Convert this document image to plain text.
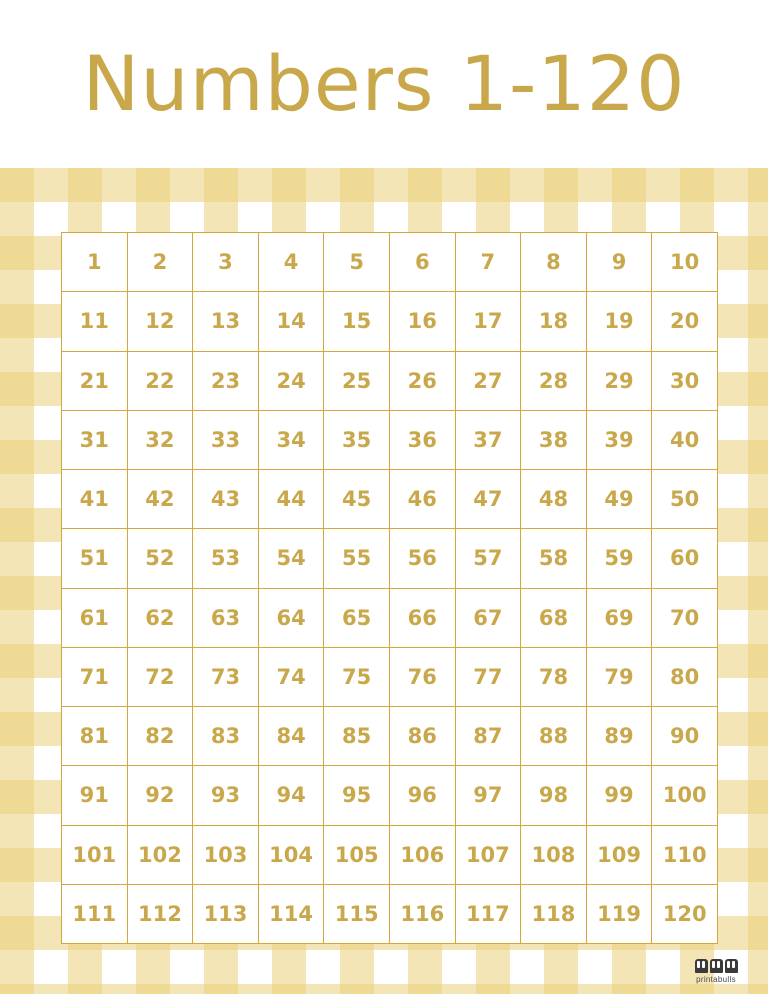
Numbers 1-120
1	2	3	4	5	6	7	8	9	10
11	12	13	14	15	16	17	18	19	20
21	22	23	24	25	26	27	28	29	30
31	32	33	34	35	36	37	38	39	40
41	42	43	44	45	46	47	48	49	50
51	52	53	54	55	56	57	58	59	60
61	62	63	64	65	66	67	68	69	70
71	72	73	74	75	76	77	78	79	80
81	82	83	84	85	86	87	88	89	90
91	92	93	94	95	96	97	98	99	100
101	102	103	104	105	106	107	108	109	110
111	112	113	114	115	116	117	118	119	120
printabulls
